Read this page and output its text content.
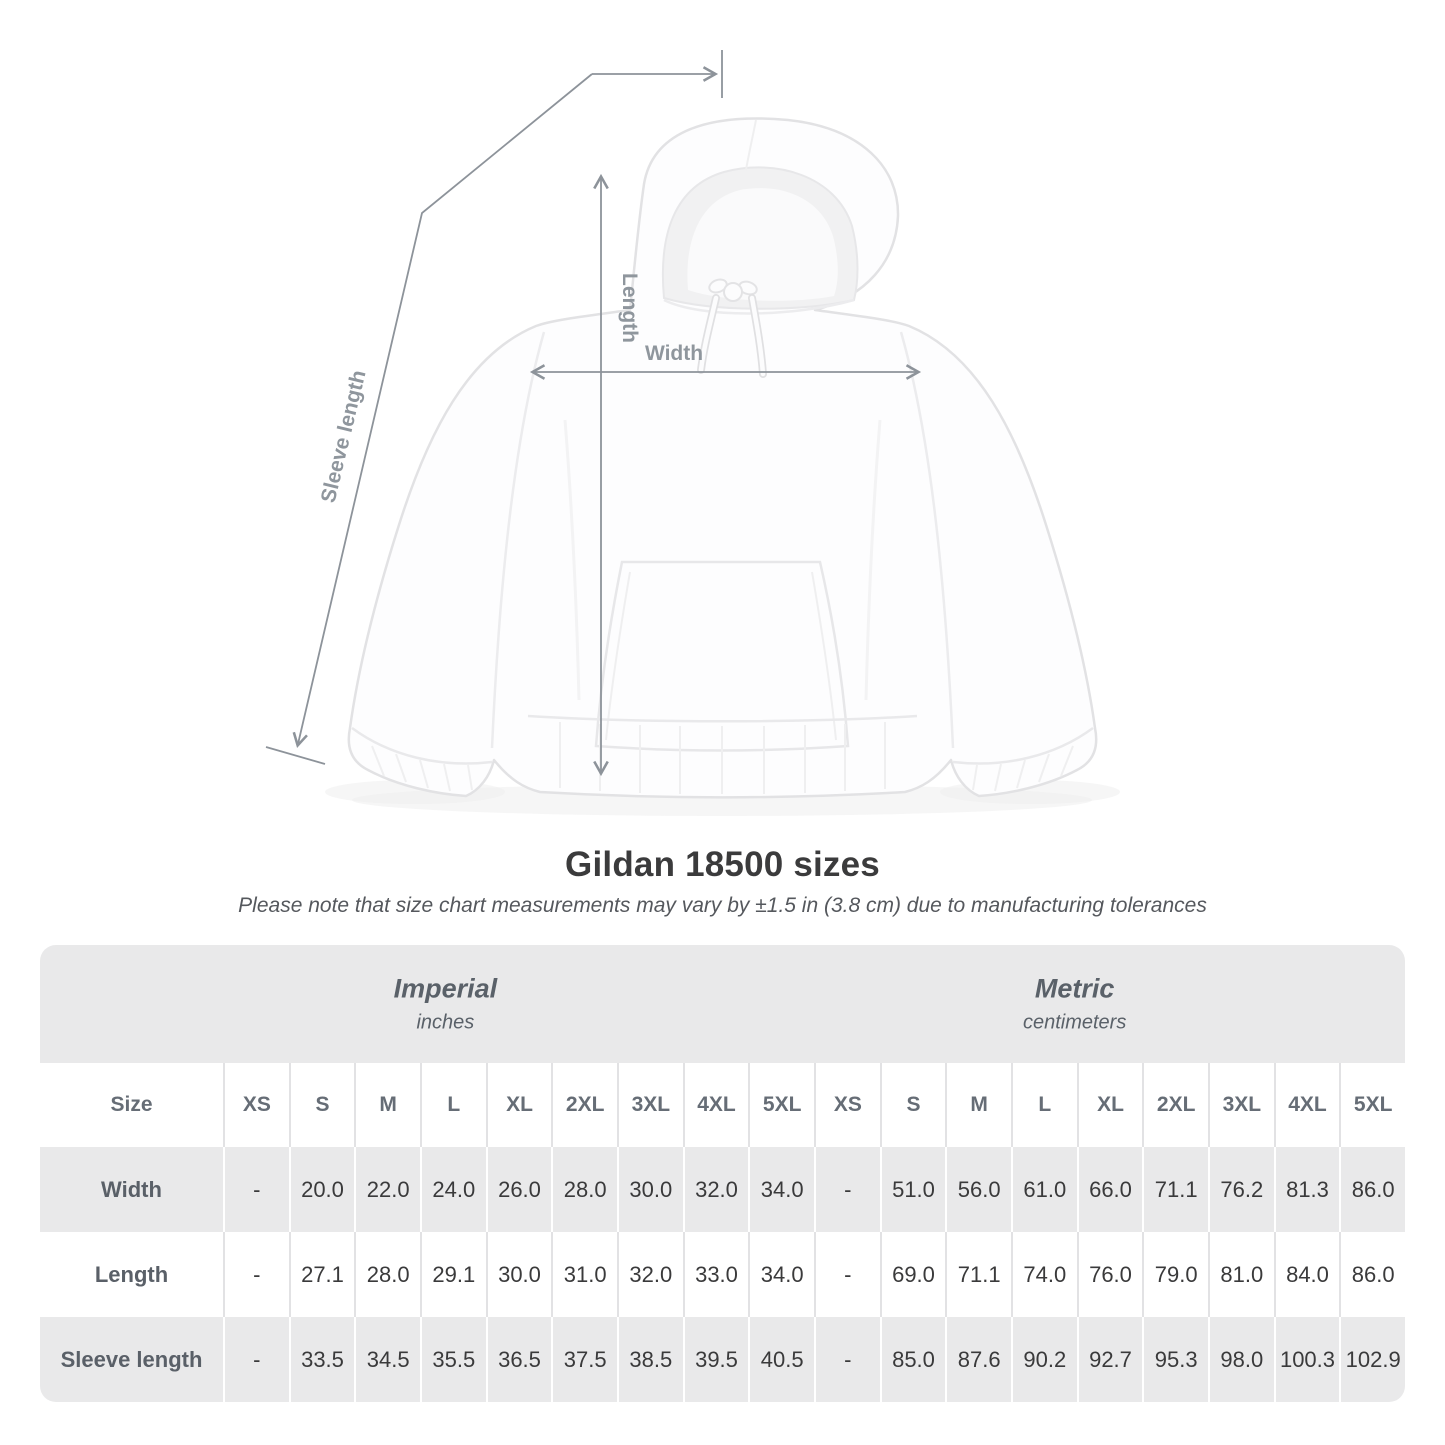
Length
Width
Sleeve length
Gildan 18500 sizes
Please note that size chart measurements may vary by ±1.5 in (3.8 cm) due to manufacturing tolerances
Imperial
inches
Metric
centimeters
Size	XS	S	M	L	XL	2XL	3XL	4XL	5XL	XS	S	M	L	XL	2XL	3XL	4XL	5XL
Width	-	20.0	22.0	24.0	26.0	28.0	30.0	32.0	34.0	-	51.0	56.0	61.0	66.0	71.1	76.2	81.3	86.0
Length	-	27.1	28.0	29.1	30.0	31.0	32.0	33.0	34.0	-	69.0	71.1	74.0	76.0	79.0	81.0	84.0	86.0
Sleeve length	-	33.5	34.5	35.5	36.5	37.5	38.5	39.5	40.5	-	85.0	87.6	90.2	92.7	95.3	98.0 100.3 102.9
